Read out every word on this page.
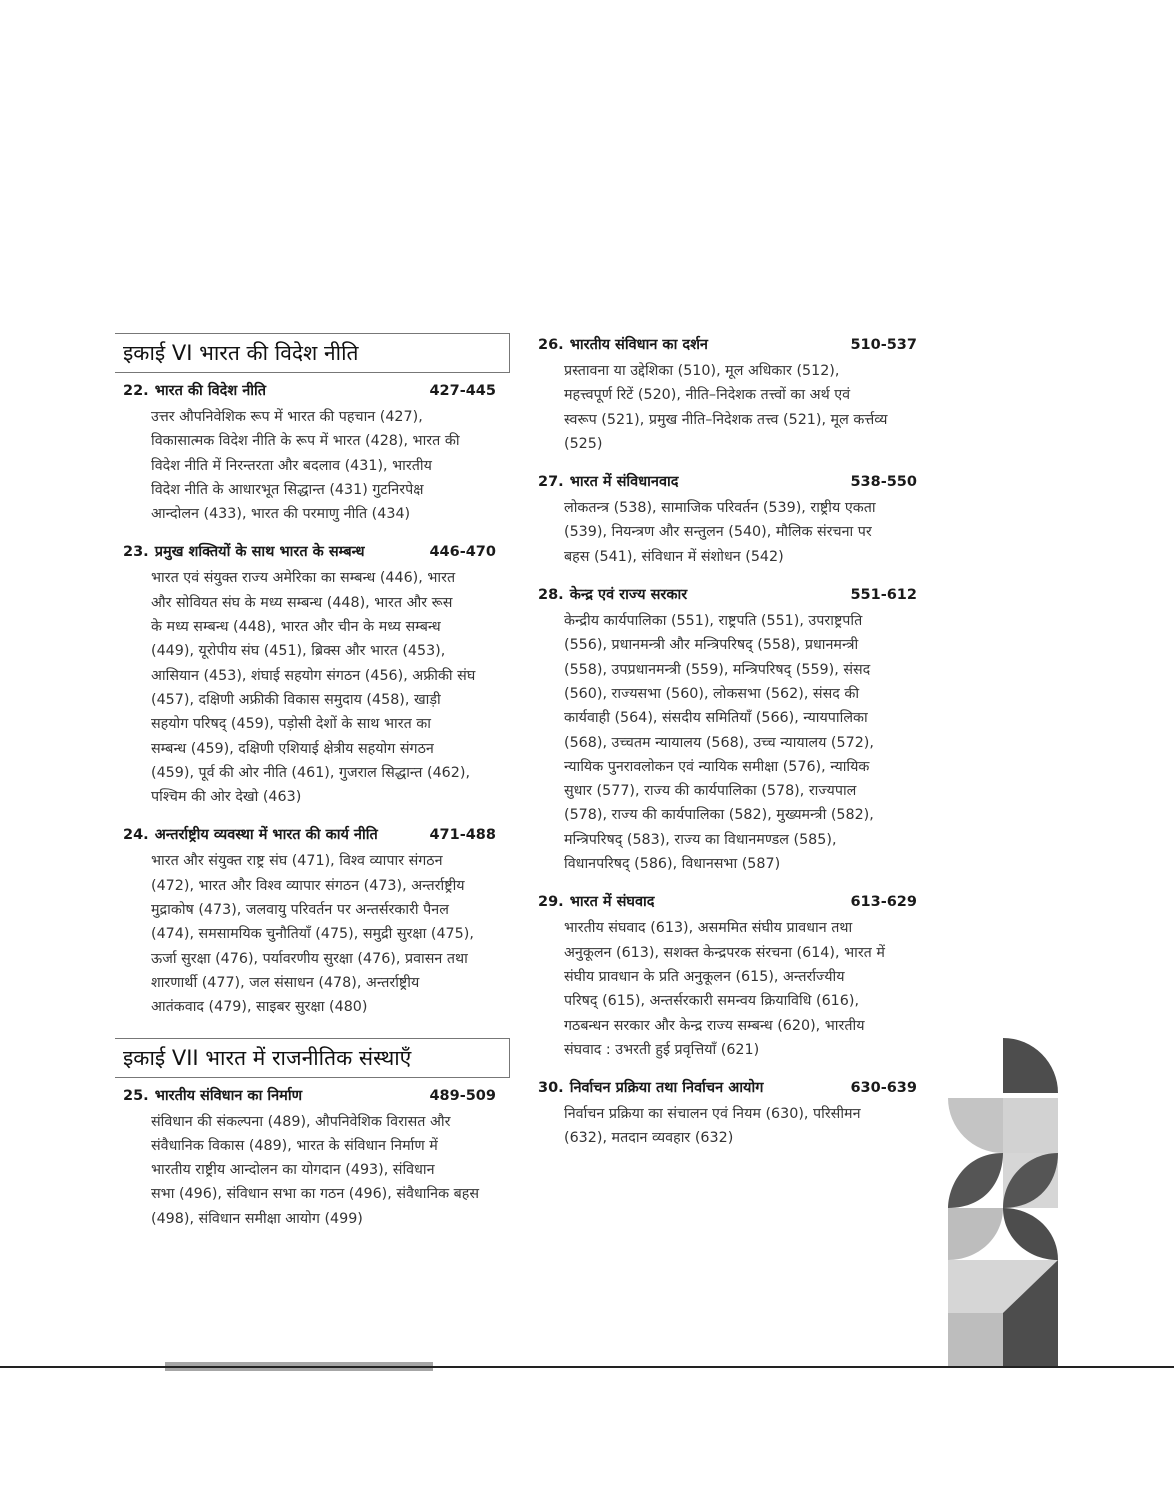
इकाई VI भारत की विदेश नीति
22. भारत की विदेश नीति	427-445
उत्तर औपनिवेशिक रूप में भारत की पहचान (427),
विकासात्मक विदेश नीति के रूप में भारत (428), भारत की
विदेश नीति में निरन्तरता और बदलाव (431), भारतीय
विदेश नीति के आधारभूत सिद्धान्त (431) गुटनिरपेक्ष
आन्दोलन (433), भारत की परमाणु नीति (434)
23. प्रमुख शक्तियों के साथ भारत के सम्बन्ध	446-470
भारत एवं संयुक्त राज्य अमेरिका का सम्बन्ध (446), भारत
और सोवियत संघ के मध्य सम्बन्ध (448), भारत और रूस
के मध्य सम्बन्ध (448), भारत और चीन के मध्य सम्बन्ध
(449), यूरोपीय संघ (451), ब्रिक्स और भारत (453),
आसियान (453), शंघाई सहयोग संगठन (456), अफ्रीकी संघ
(457), दक्षिणी अफ्रीकी विकास समुदाय (458), खाड़ी
सहयोग परिषद् (459), पड़ोसी देशों के साथ भारत का
सम्बन्ध (459), दक्षिणी एशियाई क्षेत्रीय सहयोग संगठन
(459), पूर्व की ओर नीति (461), गुजराल सिद्धान्त (462),
पश्चिम की ओर देखो (463)
24. अन्तर्राष्ट्रीय व्यवस्था में भारत की कार्य नीति	471-488
भारत और संयुक्त राष्ट्र संघ (471), विश्व व्यापार संगठन
(472), भारत और विश्व व्यापार संगठन (473), अन्तर्राष्ट्रीय
मुद्राकोष (473), जलवायु परिवर्तन पर अन्तर्सरकारी पैनल
(474), समसामयिक चुनौतियाँ (475), समुद्री सुरक्षा (475),
ऊर्जा सुरक्षा (476), पर्यावरणीय सुरक्षा (476), प्रवासन तथा
शारणार्थी (477), जल संसाधन (478), अन्तर्राष्ट्रीय
आतंकवाद (479), साइबर सुरक्षा (480)
इकाई VII भारत में राजनीतिक संस्थाएँ
25. भारतीय संविधान का निर्माण	489-509
संविधान की संकल्पना (489), औपनिवेशिक विरासत और
संवैधानिक विकास (489), भारत के संविधान निर्माण में
भारतीय राष्ट्रीय आन्दोलन का योगदान (493), संविधान
सभा (496), संविधान सभा का गठन (496), संवैधानिक बहस
(498), संविधान समीक्षा आयोग (499)
26. भारतीय संविधान का दर्शन	510-537
प्रस्तावना या उद्देशिका (510), मूल अधिकार (512),
महत्त्वपूर्ण रिटें (520), नीति–निदेशक तत्त्वों का अर्थ एवं
स्वरूप (521), प्रमुख नीति–निदेशक तत्त्व (521), मूल कर्त्तव्य
(525)
27. भारत में संविधानवाद	538-550
लोकतन्त्र (538), सामाजिक परिवर्तन (539), राष्ट्रीय एकता
(539), नियन्त्रण और सन्तुलन (540), मौलिक संरचना पर
बहस (541), संविधान में संशोधन (542)
28. केन्द्र एवं राज्य सरकार	551-612
केन्द्रीय कार्यपालिका (551), राष्ट्रपति (551), उपराष्ट्रपति
(556), प्रधानमन्त्री और मन्त्रिपरिषद् (558), प्रधानमन्त्री
(558), उपप्रधानमन्त्री (559), मन्त्रिपरिषद् (559), संसद
(560), राज्यसभा (560), लोकसभा (562), संसद की
कार्यवाही (564), संसदीय समितियाँ (566), न्यायपालिका
(568), उच्चतम न्यायालय (568), उच्च न्यायालय (572),
न्यायिक पुनरावलोकन एवं न्यायिक समीक्षा (576), न्यायिक
सुधार (577), राज्य की कार्यपालिका (578), राज्यपाल
(578), राज्य की कार्यपालिका (582), मुख्यमन्त्री (582),
मन्त्रिपरिषद् (583), राज्य का विधानमण्डल (585),
विधानपरिषद् (586), विधानसभा (587)
29. भारत में संघवाद	613-629
भारतीय संघवाद (613), असममित संघीय प्रावधान तथा
अनुकूलन (613), सशक्त केन्द्रपरक संरचना (614), भारत में
संघीय प्रावधान के प्रति अनुकूलन (615), अन्तर्राज्यीय
परिषद् (615), अन्तर्सरकारी समन्वय क्रियाविधि (616),
गठबन्धन सरकार और केन्द्र राज्य सम्बन्ध (620), भारतीय
संघवाद : उभरती हुई प्रवृत्तियाँ (621)
30. निर्वाचन प्रक्रिया तथा निर्वाचन आयोग	630-639
निर्वाचन प्रक्रिया का संचालन एवं नियम (630), परिसीमन
(632), मतदान व्यवहार (632)
